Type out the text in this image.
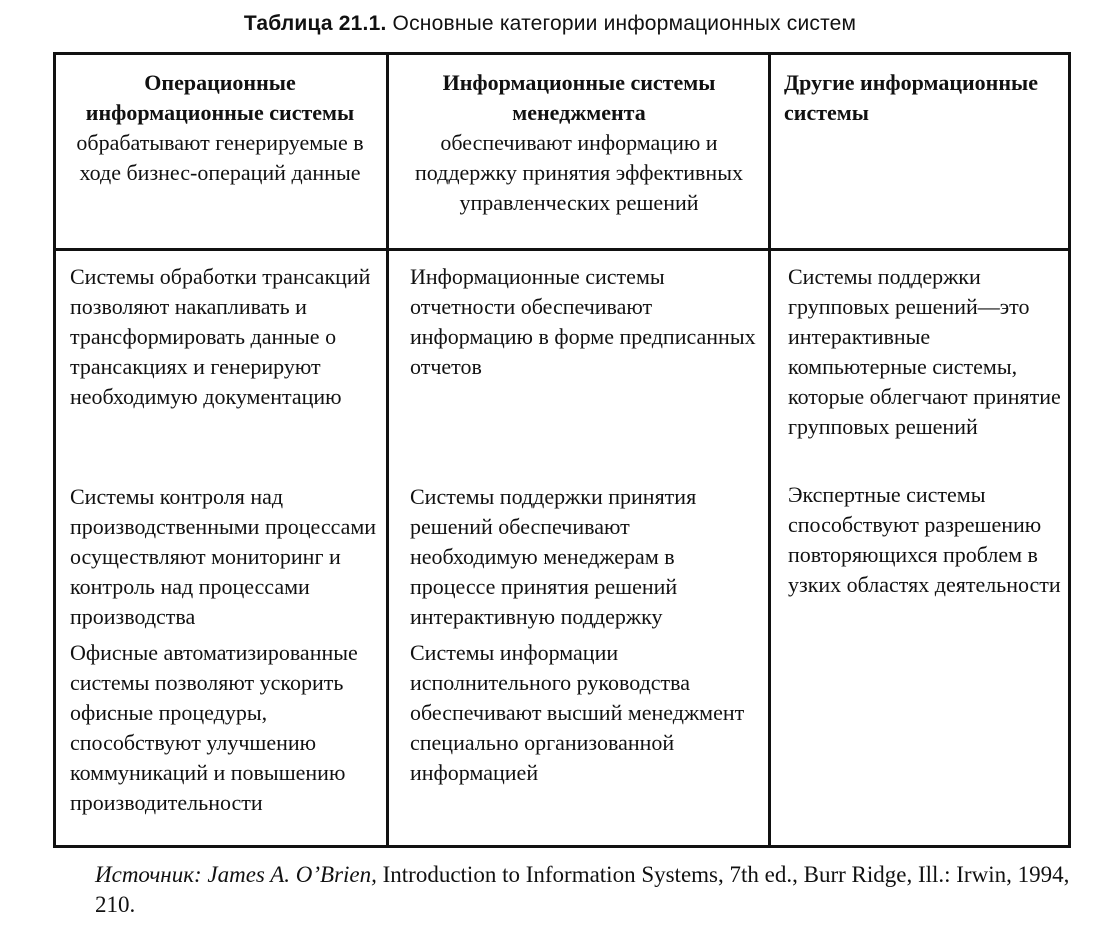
Таблица 21.1. Основные категории информационных систем
Операционные информационные системы
обрабатывают генерируемые в ходе бизнес-операций данные
Информационные системы менеджмента
обеспечивают информацию и поддержку принятия эффективных управленческих решений
Другие информационные системы

Системы обработки трансакций позволяют накапливать и трансформировать данные о трансакциях и генерируют необходимую документацию

Системы контроля над производственными процессами осуществляют мониторинг и контроль над процессами производства

Офисные автоматизированные системы позволяют ускорить офисные процедуры, способствуют улучшению коммуникаций и повышению производительности

Информационные системы отчетности обеспечивают информацию в форме предписанных отчетов

Системы поддержки принятия решений обеспечивают необходимую менеджерам в процессе принятия решений интерактивную поддержку

Системы информации исполнительного руководства обеспечивают высший менеджмент специально организованной информацией

Системы поддержки групповых решений—это интерактивные компьютерные системы, которые облегчают принятие групповых решений

Экспертные системы способствуют разрешению повторяющихся проблем в узких областях деятельности

Источник: James A. O’Brien, Introduction to Information Systems, 7th ed., Burr Ridge, Ill.: Irwin, 1994, 210.
